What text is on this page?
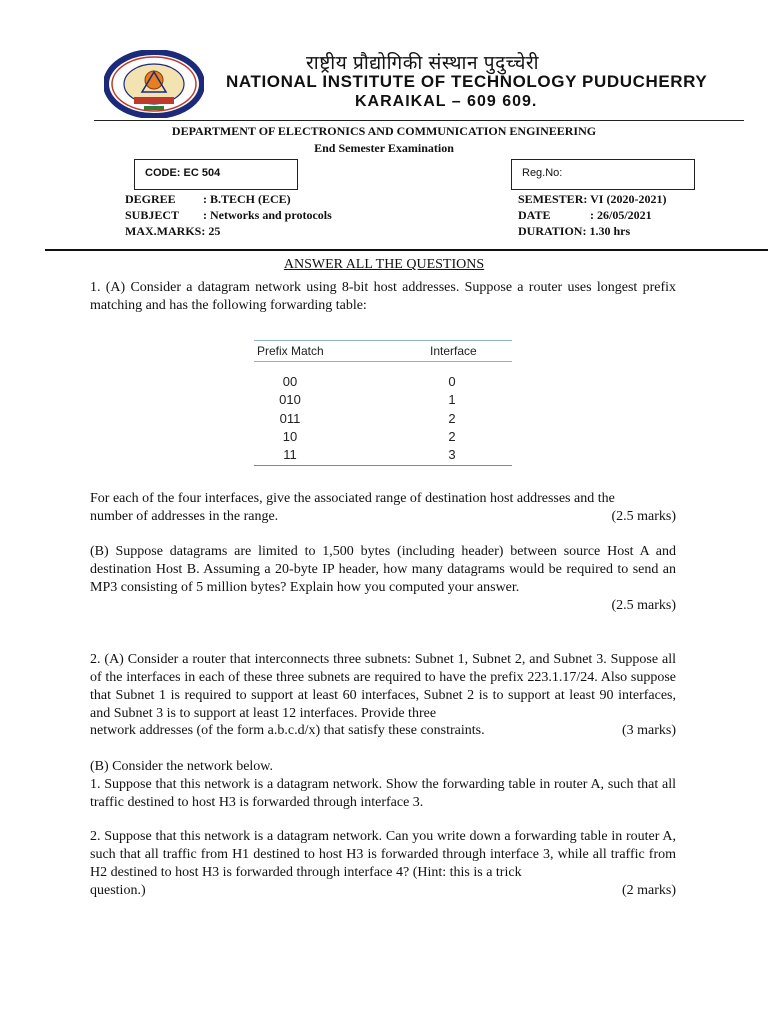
राष्ट्रीय प्रौद्योगिकी संस्थान पुदुच्चेरी
NATIONAL INSTITUTE OF TECHNOLOGY PUDUCHERRY
KARAIKAL – 609 609.
DEPARTMENT OF ELECTRONICS AND COMMUNICATION ENGINEERING
End Semester Examination
CODE: EC 504	Reg.No:
DEGREE : B.TECH (ECE)
SUBJECT : Networks and protocols
MAX.MARKS: 25
SEMESTER: VI (2020-2021)
DATE	: 26/05/2021
DURATION: 1.30 hrs
ANSWER ALL THE QUESTIONS
1. (A) Consider a datagram network using 8-bit host addresses. Suppose a router uses longest prefix matching and has the following forwarding table:
Prefix Match	Interface
00	0
010	1
011	2
10	2
11	3
For each of the four interfaces, give the associated range of destination host addresses and the
number of addresses in the range.	(2.5 marks)
(B) Suppose datagrams are limited to 1,500 bytes (including header) between source Host A and destination Host B. Assuming a 20-byte IP header, how many datagrams would be required to send an MP3 consisting of 5 million bytes? Explain how you computed your answer.
(2.5 marks)
2. (A) Consider a router that interconnects three subnets: Subnet 1, Subnet 2, and Subnet 3. Suppose all of the interfaces in each of these three subnets are required to have the prefix 223.1.17/24. Also suppose that Subnet 1 is required to support at least 60 interfaces, Subnet 2 is to support at least 90 interfaces, and Subnet 3 is to support at least 12 interfaces. Provide three
network addresses (of the form a.b.c.d/x) that satisfy these constraints.	(3 marks)
(B) Consider the network below.
1. Suppose that this network is a datagram network. Show the forwarding table in router A, such that all traffic destined to host H3 is forwarded through interface 3.
2. Suppose that this network is a datagram network. Can you write down a forwarding table in router A, such that all traffic from H1 destined to host H3 is forwarded through interface 3, while all traffic from H2 destined to host H3 is forwarded through interface 4? (Hint: this is a trick
question.)	(2 marks)
